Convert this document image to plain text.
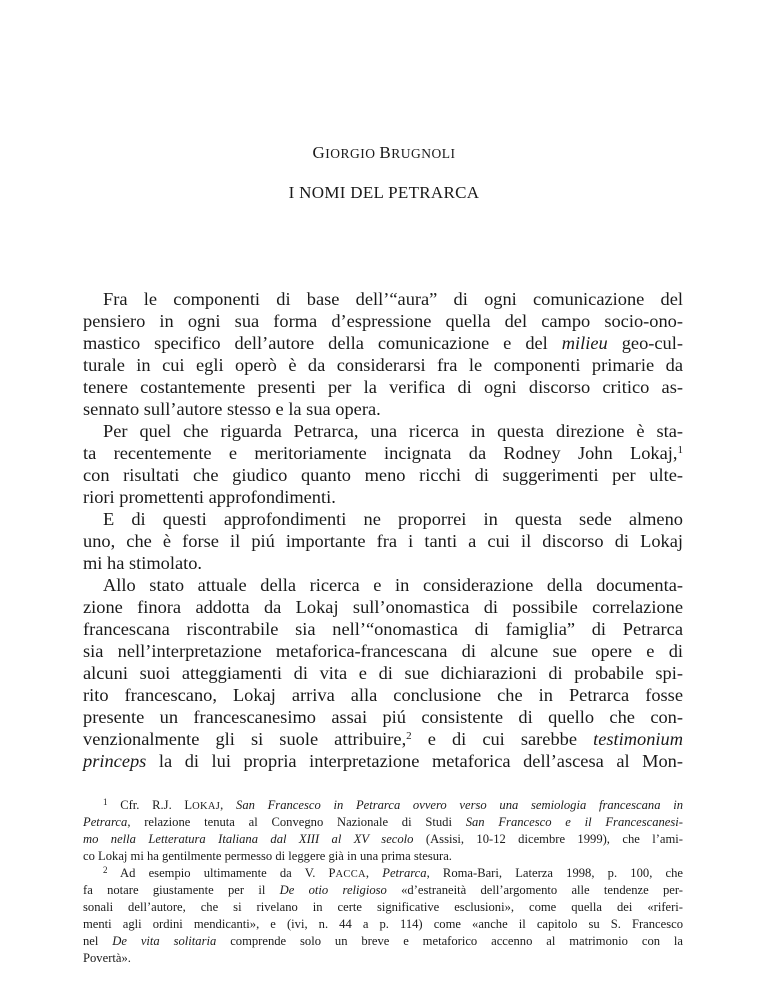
GIORGIO BRUGNOLI
I NOMI DEL PETRARCA
Fra le componenti di base dell’“aura” di ogni comunicazione del
pensiero in ogni sua forma d’espressione quella del campo socio-ono-
mastico specifico dell’autore della comunicazione e del milieu geo-cul-
turale in cui egli operò è da considerarsi fra le componenti primarie da
tenere costantemente presenti per la verifica di ogni discorso critico as-
sennato sull’autore stesso e la sua opera.
Per quel che riguarda Petrarca, una ricerca in questa direzione è sta-
ta recentemente e meritoriamente incignata da Rodney John Lokaj,$^1$
con risultati che giudico quanto meno ricchi di suggerimenti per ulte-
riori promettenti approfondimenti.
E di questi approfondimenti ne proporrei in questa sede almeno
uno, che è forse il piú importante fra i tanti a cui il discorso di Lokaj
mi ha stimolato.
Allo stato attuale della ricerca e in considerazione della documenta-
zione finora addotta da Lokaj sull’onomastica di possibile correlazione
francescana riscontrabile sia nell’“onomastica di famiglia” di Petrarca
sia nell’interpretazione metaforica-francescana di alcune sue opere e di
alcuni suoi atteggiamenti di vita e di sue dichiarazioni di probabile spi-
rito francescano, Lokaj arriva alla conclusione che in Petrarca fosse
presente un francescanesimo assai piú consistente di quello che con-
venzionalmente gli si suole attribuire,$^2$ e di cui sarebbe testimonium
princeps la di lui propria interpretazione metaforica dell’ascesa al Mon-
$^1$ Cfr. R.J. LOKAJ, San Francesco in Petrarca ovvero verso una semiologia francescana in
Petrarca, relazione tenuta al Convegno Nazionale di Studi San Francesco e il Francescanesi-
mo nella Letteratura Italiana dal XIII al XV secolo (Assisi, 10-12 dicembre 1999), che l’ami-
co Lokaj mi ha gentilmente permesso di leggere già in una prima stesura.
$^2$ Ad esempio ultimamente da V. PACCA, Petrarca, Roma-Bari, Laterza 1998, p. 100, che
fa notare giustamente per il De otio religioso «d’estraneità dell’argomento alle tendenze per-
sonali dell’autore, che si rivelano in certe significative esclusioni», come quella dei «riferi-
menti agli ordini mendicanti», e (ivi, n. 44 a p. 114) come «anche il capitolo su S. Francesco
nel De vita solitaria comprende solo un breve e metaforico accenno al matrimonio con la
Povertà».
